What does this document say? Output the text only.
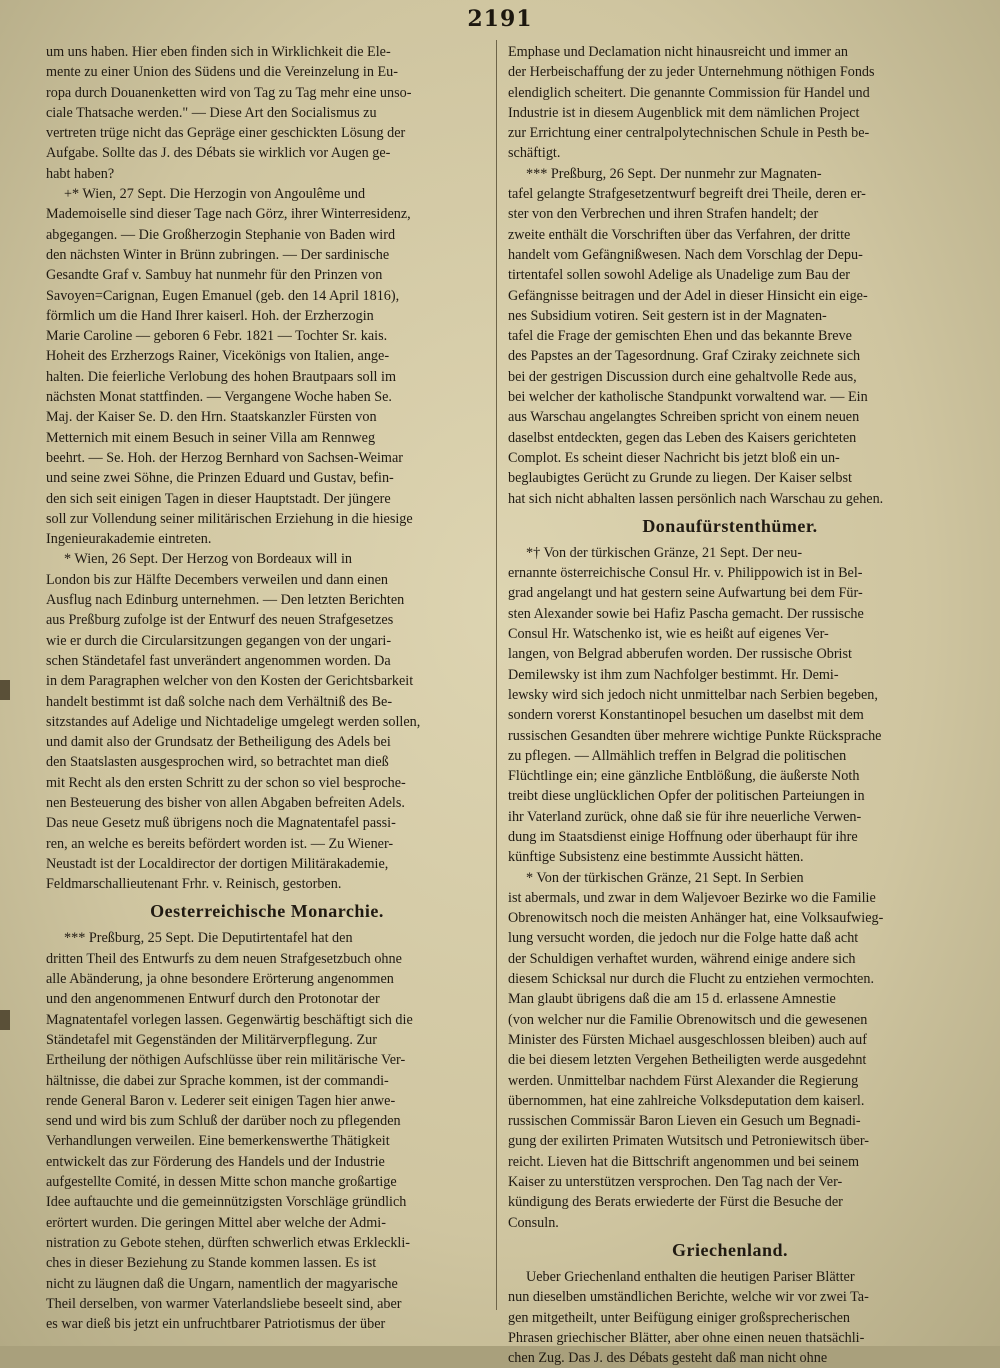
2191
um uns haben. Hier eben finden sich in Wirklichkeit die Ele-
mente zu einer Union des Südens und die Vereinzelung in Eu-
ropa durch Douanenketten wird von Tag zu Tag mehr eine unso-
ciale Thatsache werden." — Diese Art den Socialismus zu
vertreten trüge nicht das Gepräge einer geschickten Lösung der
Aufgabe. Sollte das J. des Débats sie wirklich vor Augen ge-
habt haben?
+* Wien, 27 Sept. Die Herzogin von Angoulême und
Mademoiselle sind dieser Tage nach Görz, ihrer Winterresidenz,
abgegangen. — Die Großherzogin Stephanie von Baden wird
den nächsten Winter in Brünn zubringen. — Der sardinische
Gesandte Graf v. Sambuy hat nunmehr für den Prinzen von
Savoyen=Carignan, Eugen Emanuel (geb. den 14 April 1816),
förmlich um die Hand Ihrer kaiserl. Hoh. der Erzherzogin
Marie Caroline — geboren 6 Febr. 1821 — Tochter Sr. kais.
Hoheit des Erzherzogs Rainer, Vicekönigs von Italien, ange-
halten. Die feierliche Verlobung des hohen Brautpaars soll im
nächsten Monat stattfinden. — Vergangene Woche haben Se.
Maj. der Kaiser Se. D. den Hrn. Staatskanzler Fürsten von
Metternich mit einem Besuch in seiner Villa am Rennweg
beehrt. — Se. Hoh. der Herzog Bernhard von Sachsen-Weimar
und seine zwei Söhne, die Prinzen Eduard und Gustav, befin-
den sich seit einigen Tagen in dieser Hauptstadt. Der jüngere
soll zur Vollendung seiner militärischen Erziehung in die hiesige
Ingenieurakademie eintreten.
* Wien, 26 Sept. Der Herzog von Bordeaux will in
London bis zur Hälfte Decembers verweilen und dann einen
Ausflug nach Edinburg unternehmen. — Den letzten Berichten
aus Preßburg zufolge ist der Entwurf des neuen Strafgesetzes
wie er durch die Circularsitzungen gegangen von der ungari-
schen Ständetafel fast unverändert angenommen worden. Da
in dem Paragraphen welcher von den Kosten der Gerichtsbarkeit
handelt bestimmt ist daß solche nach dem Verhältniß des Be-
sitzstandes auf Adelige und Nichtadelige umgelegt werden sollen,
und damit also der Grundsatz der Betheiligung des Adels bei
den Staatslasten ausgesprochen wird, so betrachtet man dieß
mit Recht als den ersten Schritt zu der schon so viel besproche-
nen Besteuerung des bisher von allen Abgaben befreiten Adels.
Das neue Gesetz muß übrigens noch die Magnatentafel passi-
ren, an welche es bereits befördert worden ist. — Zu Wiener-
Neustadt ist der Localdirector der dortigen Militärakademie,
Feldmarschallieutenant Frhr. v. Reinisch, gestorben.
Oesterreichische Monarchie.
*** Preßburg, 25 Sept. Die Deputirtentafel hat den
dritten Theil des Entwurfs zu dem neuen Strafgesetzbuch ohne
alle Abänderung, ja ohne besondere Erörterung angenommen
und den angenommenen Entwurf durch den Protonotar der
Magnatentafel vorlegen lassen. Gegenwärtig beschäftigt sich die
Ständetafel mit Gegenständen der Militärverpflegung. Zur
Ertheilung der nöthigen Aufschlüsse über rein militärische Ver-
hältnisse, die dabei zur Sprache kommen, ist der commandi-
rende General Baron v. Lederer seit einigen Tagen hier anwe-
send und wird bis zum Schluß der darüber noch zu pflegenden
Verhandlungen verweilen. Eine bemerkenswerthe Thätigkeit
entwickelt das zur Förderung des Handels und der Industrie
aufgestellte Comité, in dessen Mitte schon manche großartige
Idee auftauchte und die gemeinnützigsten Vorschläge gründlich
erörtert wurden. Die geringen Mittel aber welche der Admi-
nistration zu Gebote stehen, dürften schwerlich etwas Erkleckli-
ches in dieser Beziehung zu Stande kommen lassen. Es ist
nicht zu läugnen daß die Ungarn, namentlich der magyarische
Theil derselben, von warmer Vaterlandsliebe beseelt sind, aber
es war dieß bis jetzt ein unfruchtbarer Patriotismus der über
Emphase und Declamation nicht hinausreicht und immer an
der Herbeischaffung der zu jeder Unternehmung nöthigen Fonds
elendiglich scheitert. Die genannte Commission für Handel und
Industrie ist in diesem Augenblick mit dem nämlichen Project
zur Errichtung einer centralpolytechnischen Schule in Pesth be-
schäftigt.
*** Preßburg, 26 Sept. Der nunmehr zur Magnaten-
tafel gelangte Strafgesetzentwurf begreift drei Theile, deren er-
ster von den Verbrechen und ihren Strafen handelt; der
zweite enthält die Vorschriften über das Verfahren, der dritte
handelt vom Gefängnißwesen. Nach dem Vorschlag der Depu-
tirtentafel sollen sowohl Adelige als Unadelige zum Bau der
Gefängnisse beitragen und der Adel in dieser Hinsicht ein eige-
nes Subsidium votiren. Seit gestern ist in der Magnaten-
tafel die Frage der gemischten Ehen und das bekannte Breve
des Papstes an der Tagesordnung. Graf Cziraky zeichnete sich
bei der gestrigen Discussion durch eine gehaltvolle Rede aus,
bei welcher der katholische Standpunkt vorwaltend war. — Ein
aus Warschau angelangtes Schreiben spricht von einem neuen
daselbst entdeckten, gegen das Leben des Kaisers gerichteten
Complot. Es scheint dieser Nachricht bis jetzt bloß ein un-
beglaubigtes Gerücht zu Grunde zu liegen. Der Kaiser selbst
hat sich nicht abhalten lassen persönlich nach Warschau zu gehen.
Donaufürstenthümer.
*† Von der türkischen Gränze, 21 Sept. Der neu-
ernannte österreichische Consul Hr. v. Philippowich ist in Bel-
grad angelangt und hat gestern seine Aufwartung bei dem Für-
sten Alexander sowie bei Hafiz Pascha gemacht. Der russische
Consul Hr. Watschenko ist, wie es heißt auf eigenes Ver-
langen, von Belgrad abberufen worden. Der russische Obrist
Demilewsky ist ihm zum Nachfolger bestimmt. Hr. Demi-
lewsky wird sich jedoch nicht unmittelbar nach Serbien begeben,
sondern vorerst Konstantinopel besuchen um daselbst mit dem
russischen Gesandten über mehrere wichtige Punkte Rücksprache
zu pflegen. — Allmählich treffen in Belgrad die politischen
Flüchtlinge ein; eine gänzliche Entblößung, die äußerste Noth
treibt diese unglücklichen Opfer der politischen Parteiungen in
ihr Vaterland zurück, ohne daß sie für ihre neuerliche Verwen-
dung im Staatsdienst einige Hoffnung oder überhaupt für ihre
künftige Subsistenz eine bestimmte Aussicht hätten.
* Von der türkischen Gränze, 21 Sept. In Serbien
ist abermals, und zwar in dem Waljevoer Bezirke wo die Familie
Obrenowitsch noch die meisten Anhänger hat, eine Volksaufwieg-
lung versucht worden, die jedoch nur die Folge hatte daß acht
der Schuldigen verhaftet wurden, während einige andere sich
diesem Schicksal nur durch die Flucht zu entziehen vermochten.
Man glaubt übrigens daß die am 15 d. erlassene Amnestie
(von welcher nur die Familie Obrenowitsch und die gewesenen
Minister des Fürsten Michael ausgeschlossen bleiben) auch auf
die bei diesem letzten Vergehen Betheiligten werde ausgedehnt
werden. Unmittelbar nachdem Fürst Alexander die Regierung
übernommen, hat eine zahlreiche Volksdeputation dem kaiserl.
russischen Commissär Baron Lieven ein Gesuch um Begnadi-
gung der exilirten Primaten Wutsitsch und Petroniewitsch über-
reicht. Lieven hat die Bittschrift angenommen und bei seinem
Kaiser zu unterstützen versprochen. Den Tag nach der Ver-
kündigung des Berats erwiederte der Fürst die Besuche der
Consuln.
Griechenland.
Ueber Griechenland enthalten die heutigen Pariser Blätter
nun dieselben umständlichen Berichte, welche wir vor zwei Ta-
gen mitgetheilt, unter Beifügung einiger großsprecherischen
Phrasen griechischer Blätter, aber ohne einen neuen thatsächli-
chen Zug. Das J. des Débats gesteht daß man nicht ohne
